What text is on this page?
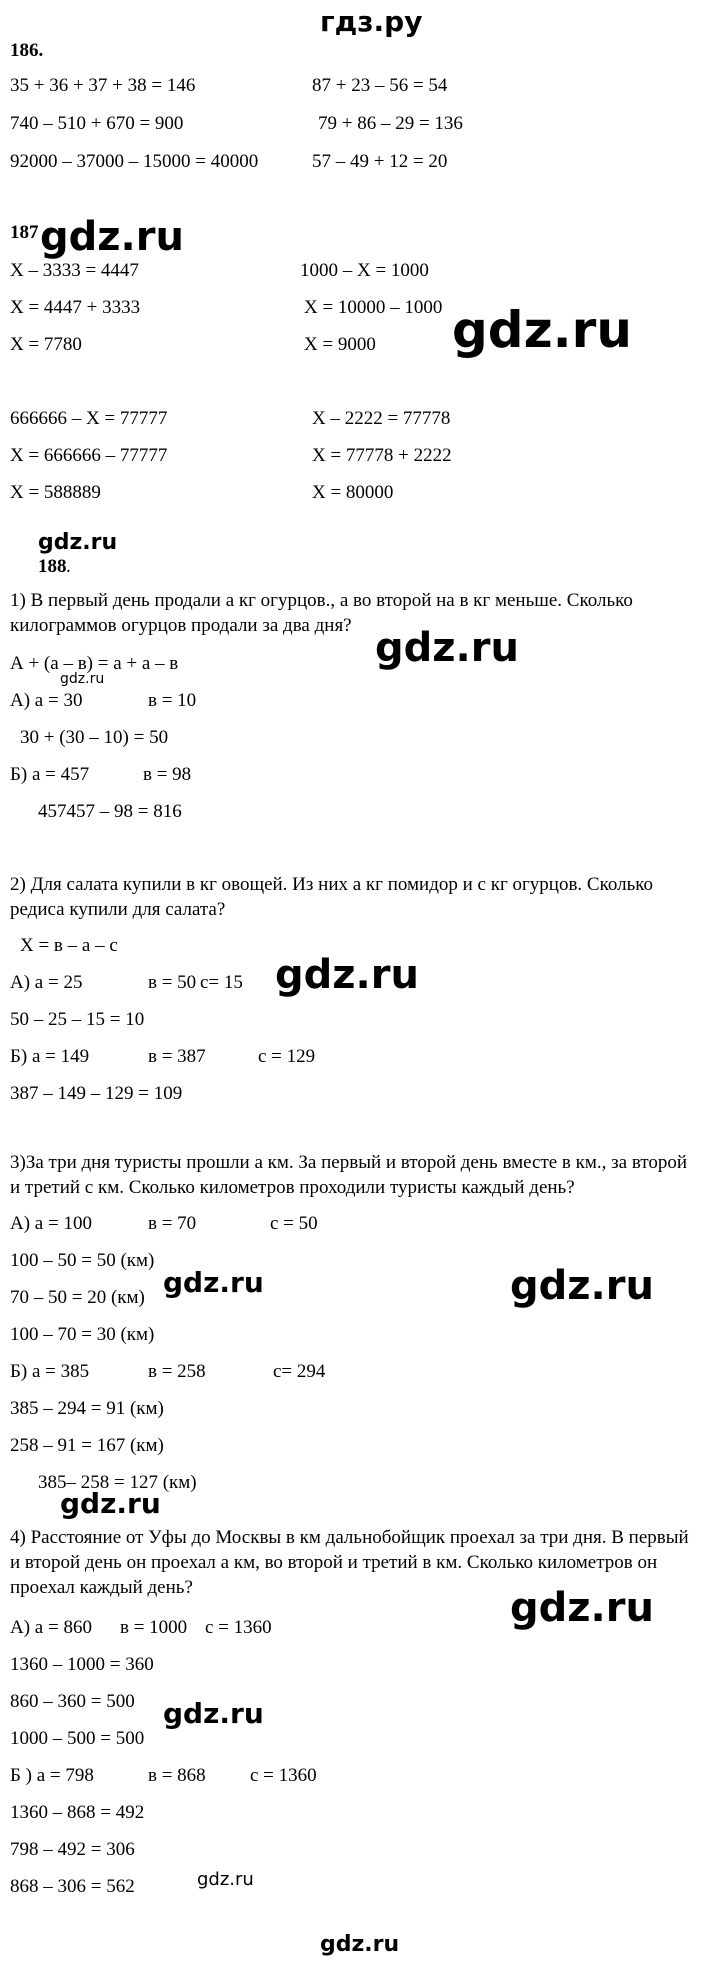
гдз.ру
186.
35 + 36 + 37 + 38 = 146
740 – 510 + 670 = 900
92000 – 37000 – 15000 = 40000
87 + 23 – 56 = 54
79 + 86 – 29 = 136
57 – 49 + 12 = 20
187 gdz.ru
X – 3333 = 4447
X = 4447 + 3333
X = 7780
1000 – X = 1000
X = 10000 – 1000
X = 9000 gdz.ru
666666 – X = 77777
X = 666666 – 77777
X = 588889
X – 2222 = 77778
X = 77778 + 2222
X = 80000
gdz.ru
188 .
1) В первый день продали а кг огурцов., а во второй на в кг меньше. Сколько килограммов огурцов продали за два дня?
А + (а – в) = а + а – в
gdz.ru
gdz.ru
А) а = 30	в = 10
30 + (30 – 10) = 50
Б) а = 457	в = 98
457457 – 98 = 816
2) Для салата купили в кг овощей. Из них а кг помидор и с кг огурцов. Сколько редиса купили для салата?
Х = в – а – с
А) а = 25	в = 50 с= 15 gdz.ru
50 – 25 – 15 = 10
Б) а = 149	в = 387	с = 129
387 – 149 – 129 = 109
3)За три дня туристы прошли а км. За первый и второй день вместе в км., за второй и третий с км. Сколько километров проходили туристы каждый день?
А) а = 100	в = 70	с = 50
100 – 50 = 50 (км)
70 – 50 = 20 (км) gdz.ru	gdz.ru
100 – 70 = 30 (км)
Б) а = 385	в = 258	с= 294
385 – 294 = 91 (км)
258 – 91 = 167 (км)
385– 258 = 127 (км)
gdz.ru
4) Расстояние от Уфы до Москвы в км дальнобойщик проехал за три дня. В первый и второй день он проехал а км, во второй и третий в км. Сколько километров он проехал каждый день?	gdz.ru
А) а = 860 в = 1000 с = 1360
1360 – 1000 = 360
860 – 360 = 500 gdz.ru
1000 – 500 = 500
Б ) а = 798	в = 868 с = 1360
1360 – 868 = 492
798 – 492 = 306
868 – 306 = 562	gdz.ru
gdz.ru
